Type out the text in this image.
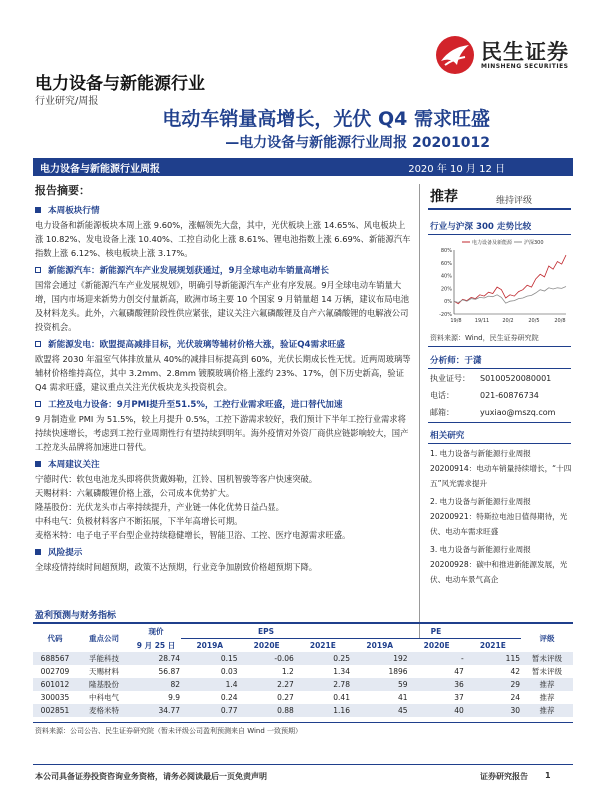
民生证券
MINSHENG SECURITIES
电力设备与新能源行业
行业研究/周报
电动车销量高增长，光伏 Q4 需求旺盛
—电力设备与新能源行业周报 20201012
电力设备与新能源行业周报	2020 年 10 月 12 日
报告摘要：
本周板块行情
电力设备和新能源板块本周上涨 9.60%，涨幅领先大盘，其中，光伏板块上涨 14.65%、风电板块上涨 10.82%、发电设备上涨 10.40%、工控自动化上涨 8.61%、锂电池指数上涨 6.69%、新能源汽车指数上涨 6.12%、核电板块上涨 3.17%。
新能源汽车：新能源汽车产业发展规划获通过，9月全球电动车销量高增长
国常会通过《新能源汽车产业发展规划》，明确引导新能源汽车产业有序发展。9月全球电动车销量大增，国内市场迎来新势力创交付量新高，欧洲市场主要 10 个国家 9 月销量超 14 万辆，建议布局电池及材料龙头。此外，六氟磷酸锂阶段性供应紧张，建议关注六氟磷酸锂及自产六氟磷酸锂的电解液公司投资机会。
新能源发电：欧盟提高减排目标，光伏玻璃等辅材价格大涨，验证Q4需求旺盛
欧盟将 2030 年温室气体排放量从 40%的减排目标提高到 60%，光伏长期成长性无忧。近两周玻璃等辅材价格维持高位，其中 3.2mm、2.8mm 镀膜玻璃价格上涨约 23%、17%，创下历史新高，验证 Q4 需求旺盛，建议重点关注光伏板块龙头投资机会。
工控及电力设备：9月PMI提升至51.5%，工控行业需求旺盛，进口替代加速
9 月制造业 PMI 为 51.5%，较上月提升 0.5%，工控下游需求较好，我们预计下半年工控行业需求将持续快速增长，考虑到工控行业周期性行有望持续到明年。海外疫情对外资厂商供应链影响较大，国产工控龙头品牌将加速进口替代。
本周建议关注
宁德时代：软包电池龙头即将供货戴姆勒，江铃、国机智骏等客户快速突破。
天赐材料：六氟磷酸锂价格上涨，公司成本优势扩大。
隆基股份：光伏龙头市占率持续提升，产业链一体化优势日益凸显。
中科电气：负极材料客户不断拓展，下半年高增长可期。
麦格米特：电子电子平台型企业持续稳健增长，智能卫浴、工控、医疗电源需求旺盛。
风险提示
全球疫情持续时间超预期，政策不达预期，行业竞争加剧致价格超预期下降。
推荐	维持评级
行业与沪深 300 走势比较
电力设备及新能源 沪深300
80%
60%
40%
20%
0%
-20%
19/8	19/11	20/2	20/5	20/8
资料来源：Wind，民生证券研究院
分析师：于潇
执业证号：	S0100520080001
电话：	021-60876734
邮箱：	yuxiao@mszq.com
相关研究
1. 电力设备与新能源行业周报 20200914：电动车销量持续增长，“十四五”风光需求提升
2. 电力设备与新能源行业周报 20200921：特斯拉电池日值得期待，光伏、电动车需求旺盛
3. 电力设备与新能源行业周报 20200928：碳中和推进新能源发展，光伏、电动车景气高企
盈利预测与财务指标
代码	重点公司	现价	EPS			PE			评级
		9 月 25 日	2019A	2020E	2021E	2019A	2020E	2021E	
688567	孚能科技	28.74	0.15	-0.06	0.25	192	-	115	暂未评级
002709	天赐材料	56.87	0.03	1.2	1.34	1896	47	42	暂未评级
601012	隆基股份	82	1.4	2.27	2.78	59	36	29	推荐
300035	中科电气	9.9	0.24	0.27	0.41	41	37	24	推荐
002851	麦格米特	34.77	0.77	0.88	1.16	45	40	30	推荐
资料来源：公司公告、民生证券研究院（暂未评级公司盈利预测来自 Wind 一致预期）
本公司具备证券投资咨询业务资格，请务必阅读最后一页免责声明	证券研究报告 1
